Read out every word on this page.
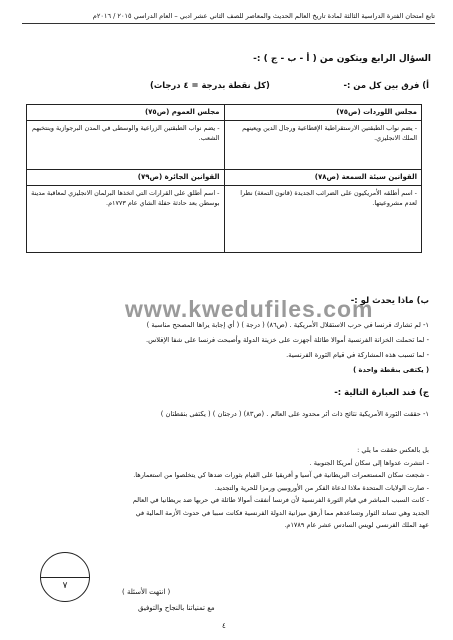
تابع امتحان الفترة الدراسية الثالثة لمادة تاريخ العالم الحديث والمعاصر للصف الثاني عشر ادبي – العام الدراسي ٢٠١٥ / ٢٠١٦م
السؤال الرابع ويتكون من ( أ - ب - ج ) :-
أ) فرق بين كل من :-
(كل نقطة بدرجة = ٤ درجات)
مجلس اللوردات (ص٧٥)	مجلس العموم (ص٧٥)
- يضم نواب الطبقتين الارستقراطية الإقطاعية ورجال الدين ويعينهم الملك الانجليزي.	- يضم نواب الطبقتين الزراعية والوسطى في المدن البرجوازية وينتخبهم الشعب.
القوانين سيئة السمعة (ص٧٨)	القوانين الجائرة (ص٧٩)
- اسم أطلقه الأمريكيون على الضرائب الجديدة (قانون التمغة) نظرا لعدم مشروعيتها.	- اسم أطلق على القرارات التي اتخذها البرلمان الانجليزي لمعاقبة مدينة بوسطن بعد حادثة حفلة الشاي عام ١٧٧٣م.
www.kwedufiles.com
ب) ماذا يحدث لو :-
١- لم تشارك فرنسا في حرب الاستقلال الأمريكية . (ص٨٦) ( درجة ) ( أي إجابة يراها المصحح مناسبة )
- لما تحملت الخزانة الفرنسية أموالا طائلة أجهزت على خزينة الدولة وأصبحت فرنسا على شفا الإفلاس.
- لما تسبب هذه المشاركة في قيام الثورة الفرنسية.
( يكتفى بنقطة واحدة )
ج) فند العبارة التالية :-
١- حققت الثورة الأمريكية نتائج ذات أثر محدود على العالم . (ص٨٣) ( درجتان ) ( يكتفى بنقطتان )
بل بالعكس حققت ما يلي :
- انتشرت عدواها إلى سكان أمريكا الجنوبية .
- شجعت سكان المستعمرات البريطانية في آسيا و أفريقيا على القيام بثورات ضدها كي يتخلصوا من استعمارها.
- صارت الولايات المتحدة ملاذا لدعاة الفكر من الأوروبيين ورمزا للحرية والتجديد.
- كانت السبب المباشر في قيام الثورة الفرنسية لأن فرنسا أنفقت أموالا طائلة في حربها ضد بريطانيا في العالم
الجديد وهي تساند الثوار وتساعدهم مما أرهق ميزانية الدولة الفرنسية فكانت سببا في حدوث الأزمة المالية في
عهد الملك الفرنسي لويس السادس عشر عام ١٧٨٩م.
٧
( انتهت الأسئلة )
مع تمنياتنا بالنجاح والتوفيق
٤
